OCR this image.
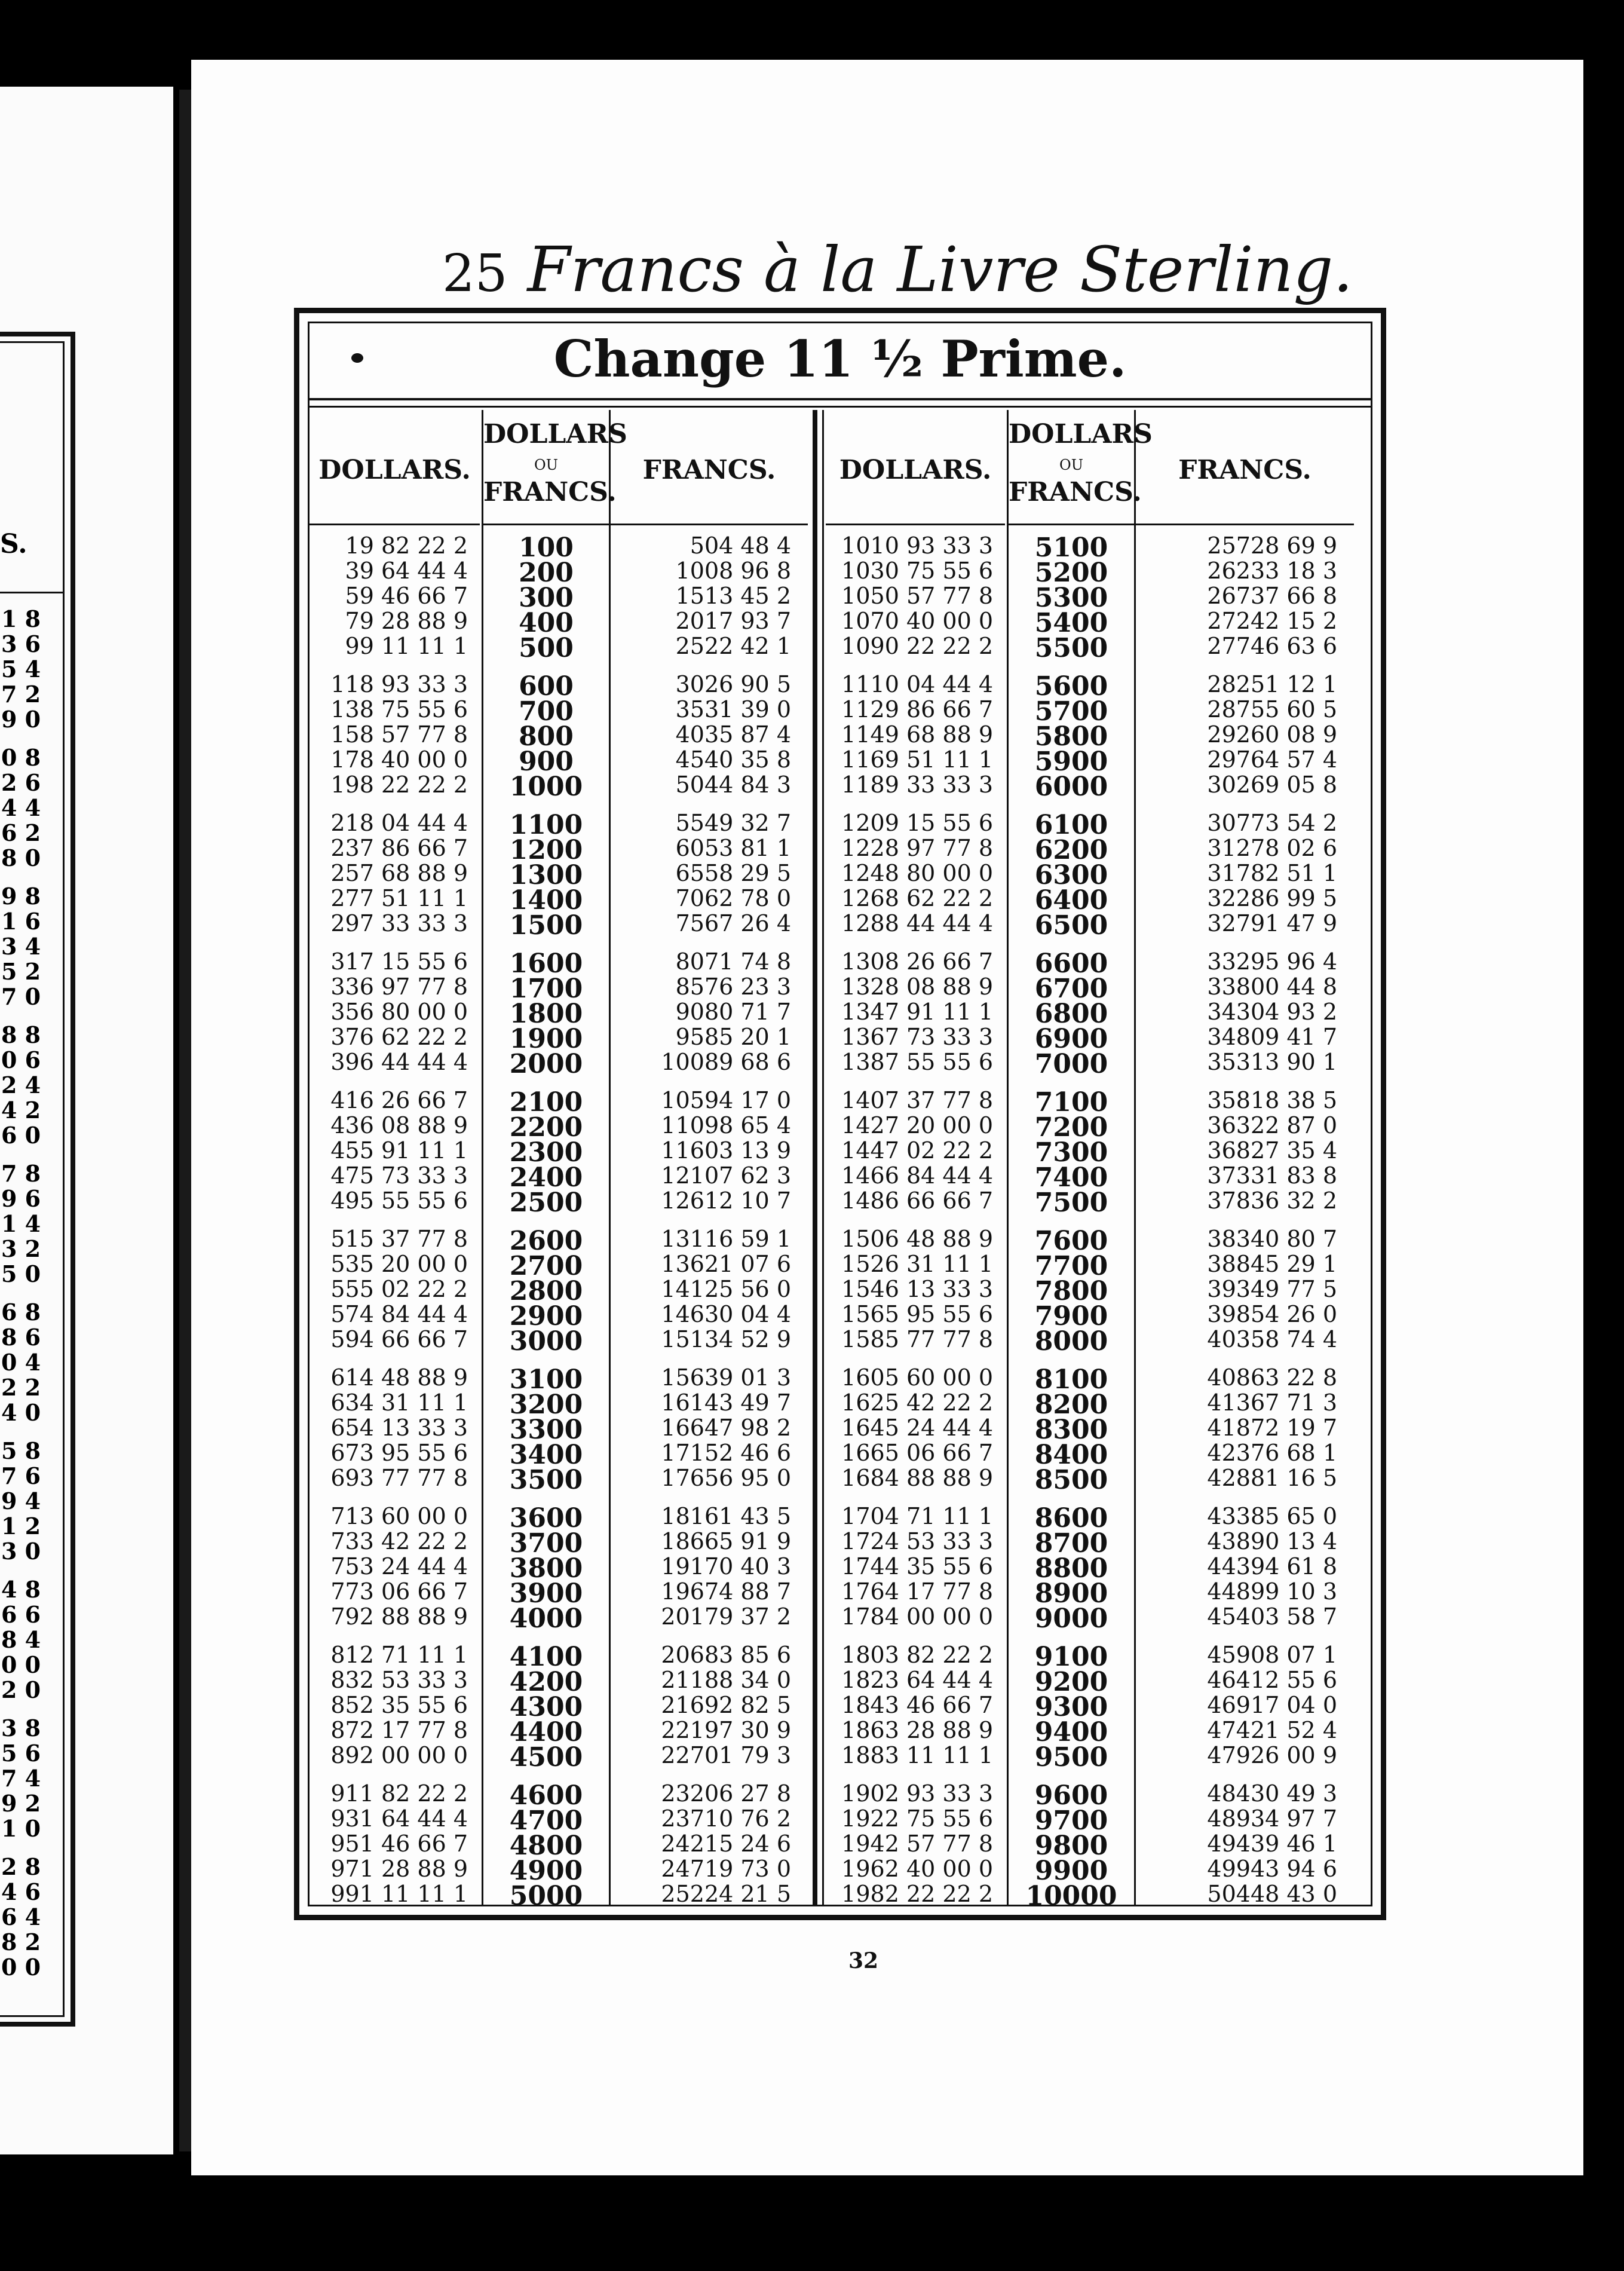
S.
1 8
3 6
5 4
7 2
9 0
0 8
2 6
4 4
6 2
8 0
9 8
1 6
3 4
5 2
7 0
8 8
0 6
2 4
4 2
6 0
7 8
9 6
1 4
3 2
5 0
6 8
8 6
0 4
2 2
4 0
5 8
7 6
9 4
1 2
3 0
4 8
6 6
8 4
0 0
2 0
3 8
5 6
7 4
9 2
1 0
2 8
4 6
6 4
8 2
0 0
25 Francs à la Livre Sterling.
Change 11 ½ Prime.
DOLLARS.
19 82 22 2
39 64 44 4
59 46 66 7
79 28 88 9
99 11 11 1
118 93 33 3
138 75 55 6
158 57 77 8
178 40 00 0
198 22 22 2
218 04 44 4
237 86 66 7
257 68 88 9
277 51 11 1
297 33 33 3
317 15 55 6
336 97 77 8
356 80 00 0
376 62 22 2
396 44 44 4
416 26 66 7
436 08 88 9
455 91 11 1
475 73 33 3
495 55 55 6
515 37 77 8
535 20 00 0
555 02 22 2
574 84 44 4
594 66 66 7
614 48 88 9
634 31 11 1
654 13 33 3
673 95 55 6
693 77 77 8
713 60 00 0
733 42 22 2
753 24 44 4
773 06 66 7
792 88 88 9
812 71 11 1
832 53 33 3
852 35 55 6
872 17 77 8
892 00 00 0
911 82 22 2
931 64 44 4
951 46 66 7
971 28 88 9
991 11 11 1
DOLLARS
OU
FRANCS.
100
200
300
400
500
600
700
800
900
1000
1100
1200
1300
1400
1500
1600
1700
1800
1900
2000
2100
2200
2300
2400
2500
2600
2700
2800
2900
3000
3100
3200
3300
3400
3500
3600
3700
3800
3900
4000
4100
4200
4300
4400
4500
4600
4700
4800
4900
5000
FRANCS.
504 48 4
1008 96 8
1513 45 2
2017 93 7
2522 42 1
3026 90 5
3531 39 0
4035 87 4
4540 35 8
5044 84 3
5549 32 7
6053 81 1
6558 29 5
7062 78 0
7567 26 4
8071 74 8
8576 23 3
9080 71 7
9585 20 1
10089 68 6
10594 17 0
11098 65 4
11603 13 9
12107 62 3
12612 10 7
13116 59 1
13621 07 6
14125 56 0
14630 04 4
15134 52 9
15639 01 3
16143 49 7
16647 98 2
17152 46 6
17656 95 0
18161 43 5
18665 91 9
19170 40 3
19674 88 7
20179 37 2
20683 85 6
21188 34 0
21692 82 5
22197 30 9
22701 79 3
23206 27 8
23710 76 2
24215 24 6
24719 73 0
25224 21 5
DOLLARS.
1010 93 33 3
1030 75 55 6
1050 57 77 8
1070 40 00 0
1090 22 22 2
1110 04 44 4
1129 86 66 7
1149 68 88 9
1169 51 11 1
1189 33 33 3
1209 15 55 6
1228 97 77 8
1248 80 00 0
1268 62 22 2
1288 44 44 4
1308 26 66 7
1328 08 88 9
1347 91 11 1
1367 73 33 3
1387 55 55 6
1407 37 77 8
1427 20 00 0
1447 02 22 2
1466 84 44 4
1486 66 66 7
1506 48 88 9
1526 31 11 1
1546 13 33 3
1565 95 55 6
1585 77 77 8
1605 60 00 0
1625 42 22 2
1645 24 44 4
1665 06 66 7
1684 88 88 9
1704 71 11 1
1724 53 33 3
1744 35 55 6
1764 17 77 8
1784 00 00 0
1803 82 22 2
1823 64 44 4
1843 46 66 7
1863 28 88 9
1883 11 11 1
1902 93 33 3
1922 75 55 6
1942 57 77 8
1962 40 00 0
1982 22 22 2
DOLLARS
OU
FRANCS.
5100
5200
5300
5400
5500
5600
5700
5800
5900
6000
6100
6200
6300
6400
6500
6600
6700
6800
6900
7000
7100
7200
7300
7400
7500
7600
7700
7800
7900
8000
8100
8200
8300
8400
8500
8600
8700
8800
8900
9000
9100
9200
9300
9400
9500
9600
9700
9800
9900
10000
FRANCS.
25728 69 9
26233 18 3
26737 66 8
27242 15 2
27746 63 6
28251 12 1
28755 60 5
29260 08 9
29764 57 4
30269 05 8
30773 54 2
31278 02 6
31782 51 1
32286 99 5
32791 47 9
33295 96 4
33800 44 8
34304 93 2
34809 41 7
35313 90 1
35818 38 5
36322 87 0
36827 35 4
37331 83 8
37836 32 2
38340 80 7
38845 29 1
39349 77 5
39854 26 0
40358 74 4
40863 22 8
41367 71 3
41872 19 7
42376 68 1
42881 16 5
43385 65 0
43890 13 4
44394 61 8
44899 10 3
45403 58 7
45908 07 1
46412 55 6
46917 04 0
47421 52 4
47926 00 9
48430 49 3
48934 97 7
49439 46 1
49943 94 6
50448 43 0
32
